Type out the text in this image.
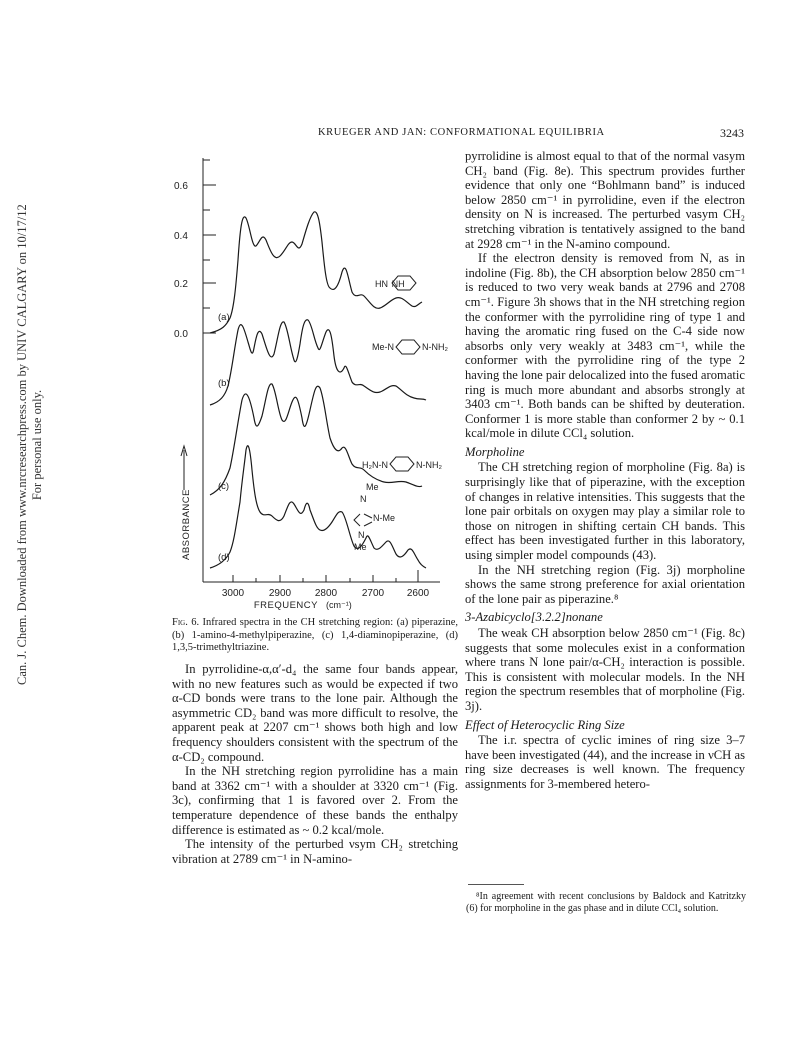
KRUEGER AND JAN: CONFORMATIONAL EQUILIBRIA	3243
Can. J. Chem. Downloaded from www.nrcresearchpress.com by UNIV CALGARY on 10/17/12 For personal use only.
0.6
0.4
0.2
0.0
ABSORBANCE
3000 2900 2800 2700 2600
FREQUENCY (cm⁻¹)
(a)
(b)
(c)
(d)
HN  NH
Me-N	N-NH₂
H₂N-N	N-NH₂
Me
N
N-Me
N
Me
Fig. 6. Infrared spectra in the CH stretching region: (a) piperazine, (b) 1-amino-4-methylpiperazine, (c) 1,4-diaminopiperazine, (d) 1,3,5-trimethyltriazine.

In pyrrolidine-α,α′-d₄ the same four bands appear, with no new features such as would be expected if two α-CD bonds were trans to the lone pair. Although the asymmetric CD₂ band was more difficult to resolve, the apparent peak at 2207 cm⁻¹ shows both high and low frequency shoulders consistent with the spectrum of the α-CD₂ compound.

In the NH stretching region pyrrolidine has a main band at 3362 cm⁻¹ with a shoulder at 3320 cm⁻¹ (Fig. 3c), confirming that 1 is favored over 2. From the temperature dependence of these bands the enthalpy difference is estimated as ~ 0.2 kcal/mole.

The intensity of the perturbed νsym CH₂ stretching vibration at 2789 cm⁻¹ in N-amino-

pyrrolidine is almost equal to that of the normal νasym CH₂ band (Fig. 8e). This spectrum provides further evidence that only one “Bohlmann band” is induced below 2850 cm⁻¹ in pyrrolidine, even if the electron density on N is increased. The perturbed νasym CH₂ stretching vibration is tentatively assigned to the band at 2928 cm⁻¹ in the N-amino compound.

If the electron density is removed from N, as in indoline (Fig. 8b), the CH absorption below 2850 cm⁻¹ is reduced to two very weak bands at 2796 and 2708 cm⁻¹. Figure 3h shows that in the NH stretching region the conformer with the pyrrolidine ring of type 1 and having the aromatic ring fused on the C-4 side now absorbs only very weakly at 3483 cm⁻¹, while the conformer with the pyrrolidine ring of the type 2 having the lone pair delocalized into the fused aromatic ring is much more abundant and absorbs strongly at 3403 cm⁻¹. Both bands can be shifted by deuteration. Conformer 1 is more stable than conformer 2 by ~ 0.1 kcal/mole in dilute CCl₄ solution.

Morpholine

The CH stretching region of morpholine (Fig. 8a) is surprisingly like that of piperazine, with the exception of changes in relative intensities. This suggests that the lone pair orbitals on oxygen may play a similar role to those on nitrogen in shifting certain CH bands. This effect has been investigated further in this laboratory, using simpler model compounds (43).

In the NH stretching region (Fig. 3j) morpholine shows the same strong preference for axial orientation of the lone pair as piperazine.⁸

3-Azabicyclo[3.2.2]nonane

The weak CH absorption below 2850 cm⁻¹ (Fig. 8c) suggests that some molecules exist in a conformation where trans N lone pair/α-CH₂ interaction is possible. This is consistent with molecular models. In the NH region the spectrum resembles that of morpholine (Fig. 3j).

Effect of Heterocyclic Ring Size

The i.r. spectra of cyclic imines of ring size 3–7 have been investigated (44), and the increase in νCH as ring size decreases is well known. The frequency assignments for 3-membered hetero-

⁸In agreement with recent conclusions by Baldock and Katritzky (6) for morpholine in the gas phase and in dilute CCl₄ solution.
